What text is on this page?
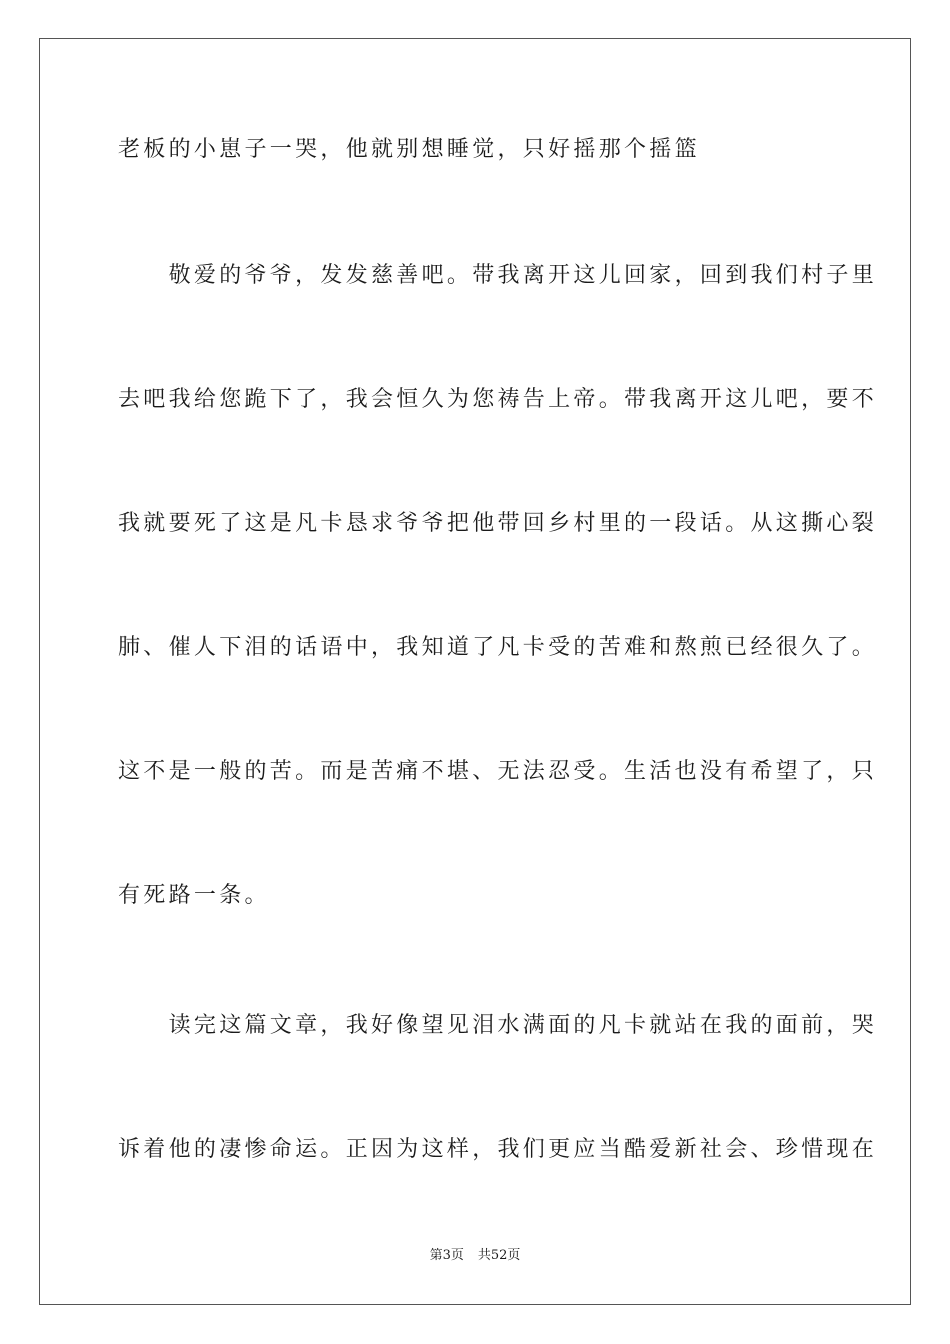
老板的小崽子一哭，他就别想睡觉，只好摇那个摇篮
　　敬爱的爷爷，发发慈善吧。带我离开这儿回家，回到我们村子里
去吧我给您跪下了，我会恒久为您祷告上帝。带我离开这儿吧，要不
我就要死了这是凡卡恳求爷爷把他带回乡村里的一段话。从这撕心裂
肺、催人下泪的话语中，我知道了凡卡受的苦难和熬煎已经很久了。
这不是一般的苦。而是苦痛不堪、无法忍受。生活也没有希望了，只
有死路一条。
　　读完这篇文章，我好像望见泪水满面的凡卡就站在我的面前，哭
诉着他的凄惨命运。正因为这样，我们更应当酷爱新社会、珍惜现在
第3页 共52页
